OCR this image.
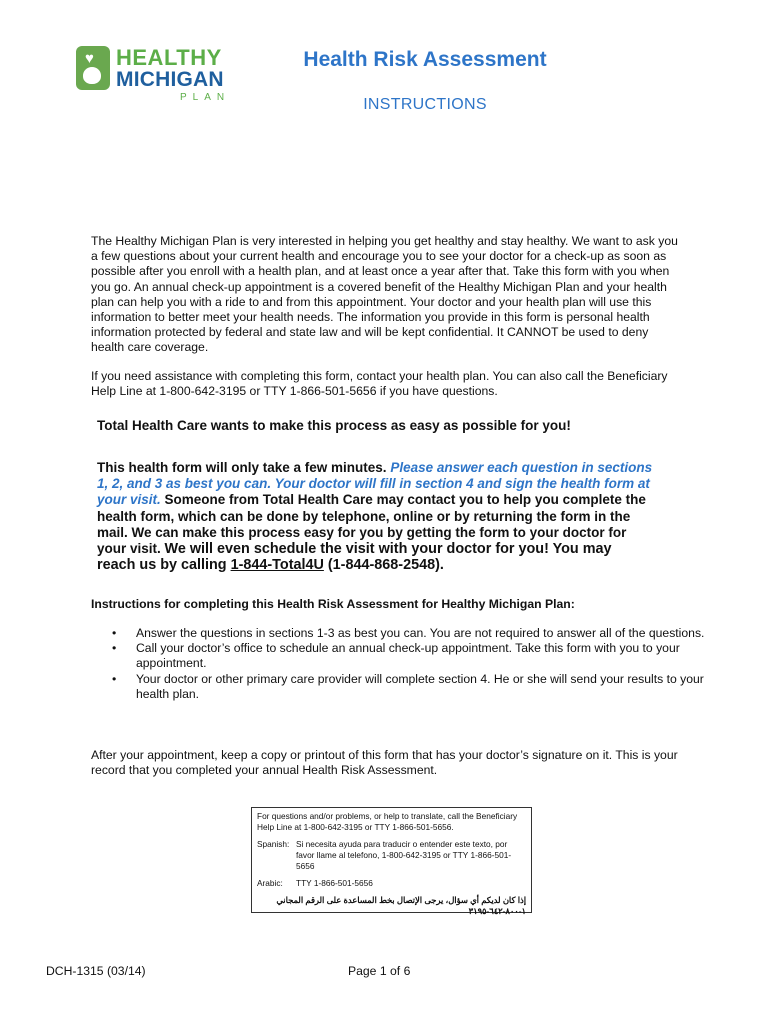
♥ HEALTHY
MICHIGAN
PLAN
Health Risk Assessment
INSTRUCTIONS
The Healthy Michigan Plan is very interested in helping you get healthy and stay healthy. We want to ask you a few questions about your current health and encourage you to see your doctor for a check-up as soon as possible after you enroll with a health plan, and at least once a year after that. Take this form with you when you go. An annual check-up appointment is a covered benefit of the Healthy Michigan Plan and your health plan can help you with a ride to and from this appointment. Your doctor and your health plan will use this information to better meet your health needs. The information you provide in this form is personal health information protected by federal and state law and will be kept confidential. It CANNOT be used to deny health care coverage.
If you need assistance with completing this form, contact your health plan. You can also call the Beneficiary Help Line at 1-800-642-3195 or TTY 1-866-501-5656 if you have questions.
Total Health Care wants to make this process as easy as possible for you!
This health form will only take a few minutes. Please answer each question in sections 1, 2, and 3 as best you can. Your doctor will fill in section 4 and sign the health form at your visit. Someone from Total Health Care may contact you to help you complete the health form, which can be done by telephone, online or by returning the form in the mail. We can make this process easy for you by getting the form to your doctor for your visit. We will even schedule the visit with your doctor for you! You may reach us by calling 1-844-Total4U (1-844-868-2548).
Instructions for completing this Health Risk Assessment for Healthy Michigan Plan:
• Answer the questions in sections 1-3 as best you can. You are not required to answer all of the questions.
• Call your doctor’s office to schedule an annual check-up appointment. Take this form with you to your appointment.
• Your doctor or other primary care provider will complete section 4. He or she will send your results to your health plan.
After your appointment, keep a copy or printout of this form that has your doctor’s signature on it. This is your record that you completed your annual Health Risk Assessment.
For questions and/or problems, or help to translate, call the Beneficiary Help Line at 1-800-642-3195 or TTY 1-866-501-5656.
Spanish: Si necesita ayuda para traducir o entender este texto, por favor llame al telefono, 1-800-642-3195 or TTY 1-866-501-5656
Arabic: TTY 1-866-501-5656
إذا كان لديكم أي سؤال، يرجى الإتصال بخط المساعدة على الرقم المجاني ١-٨٠٠-٦٤٢-٣١٩٥
DCH-1315 (03/14)	Page 1 of 6
